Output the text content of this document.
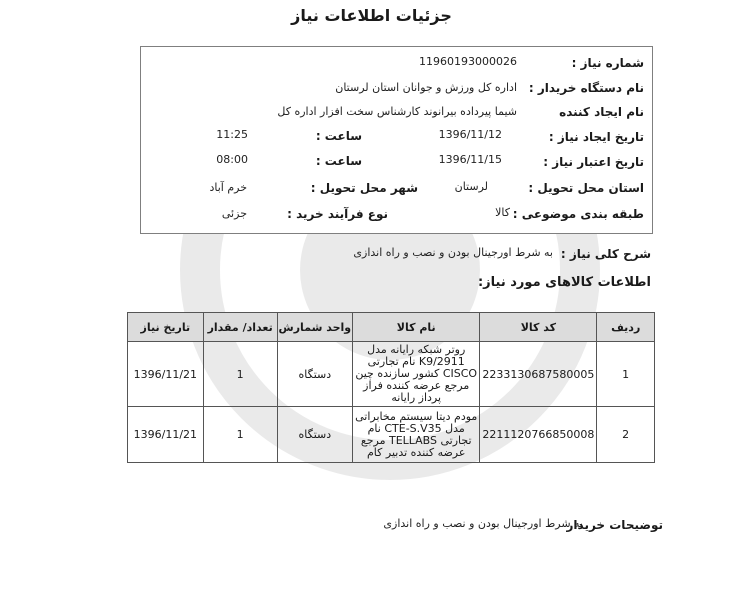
جزئیات اطلاعات نیاز
شماره نیاز :
11960193000026
نام دستگاه خریدار :
اداره کل ورزش و جوانان استان لرستان
نام ایجاد کننده
شیما پیرداده بیرانوند کارشناس سخت افزار اداره کل
تاریخ ایجاد نیاز :
1396/11/12
ساعت :
11:25
تاریخ اعتبار نیاز :
1396/11/15
ساعت :
08:00
استان محل تحویل :
لرستان
شهر محل تحویل :
خرم آباد
طبقه بندی موضوعی :
کالا
نوع فرآیند خرید :
جزئی
شرح کلی نیاز :
به شرط اورجینال بودن و نصب و راه اندازی
اطلاعات کالاهای مورد نیاز:
ردیف	کد کالا	نام کالا	واحد شمارش	تعداد/ مقدار	تاریخ نیاز
1	2233130687580005	روتر شبکه رایانه مدل K9/2911 نام تجارتی CISCO کشور سازنده چین مرجع عرضه کننده فراز پرداز رایانه	دستگاه	1	1396/11/21
2	2211120766850008	مودم دیتا سیستم مخابراتی مدل CTE-S.V35 نام تجارتی TELLABS مرجع عرضه کننده تدبیر کام	دستگاه	1	1396/11/21
توضیحات خریدار
به شرط اورجینال بودن و نصب و راه اندازی
